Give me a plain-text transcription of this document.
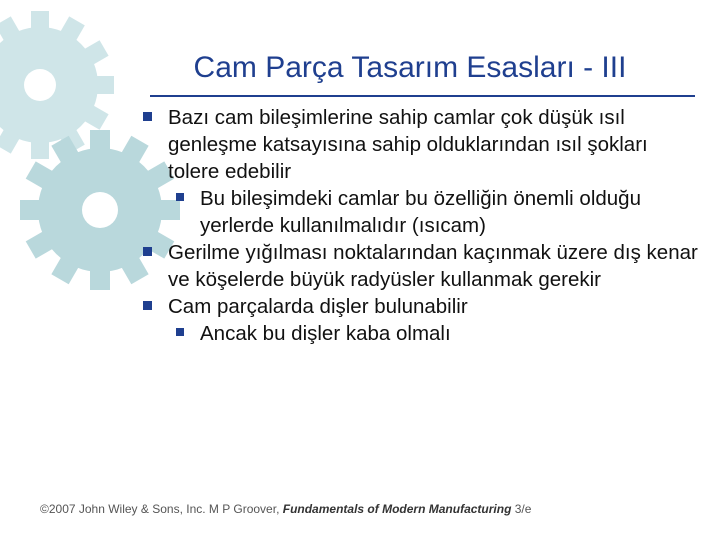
Cam Parça Tasarım Esasları - III

Bazı cam bileşimlerine sahip camlar çok düşük ısıl genleşme katsayısına sahip olduklarından ısıl şokları tolere edebilir

Bu bileşimdeki camlar bu özelliğin önemli olduğu yerlerde kullanılmalıdır (ısıcam)

Gerilme yığılması noktalarından kaçınmak üzere dış kenar ve köşelerde büyük radyüsler kullanmak gerekir

Cam parçalarda dişler bulunabilir

Ancak bu dişler kaba olmalı

©2007 John Wiley & Sons, Inc. M P Groover, Fundamentals of Modern Manufacturing 3/e
